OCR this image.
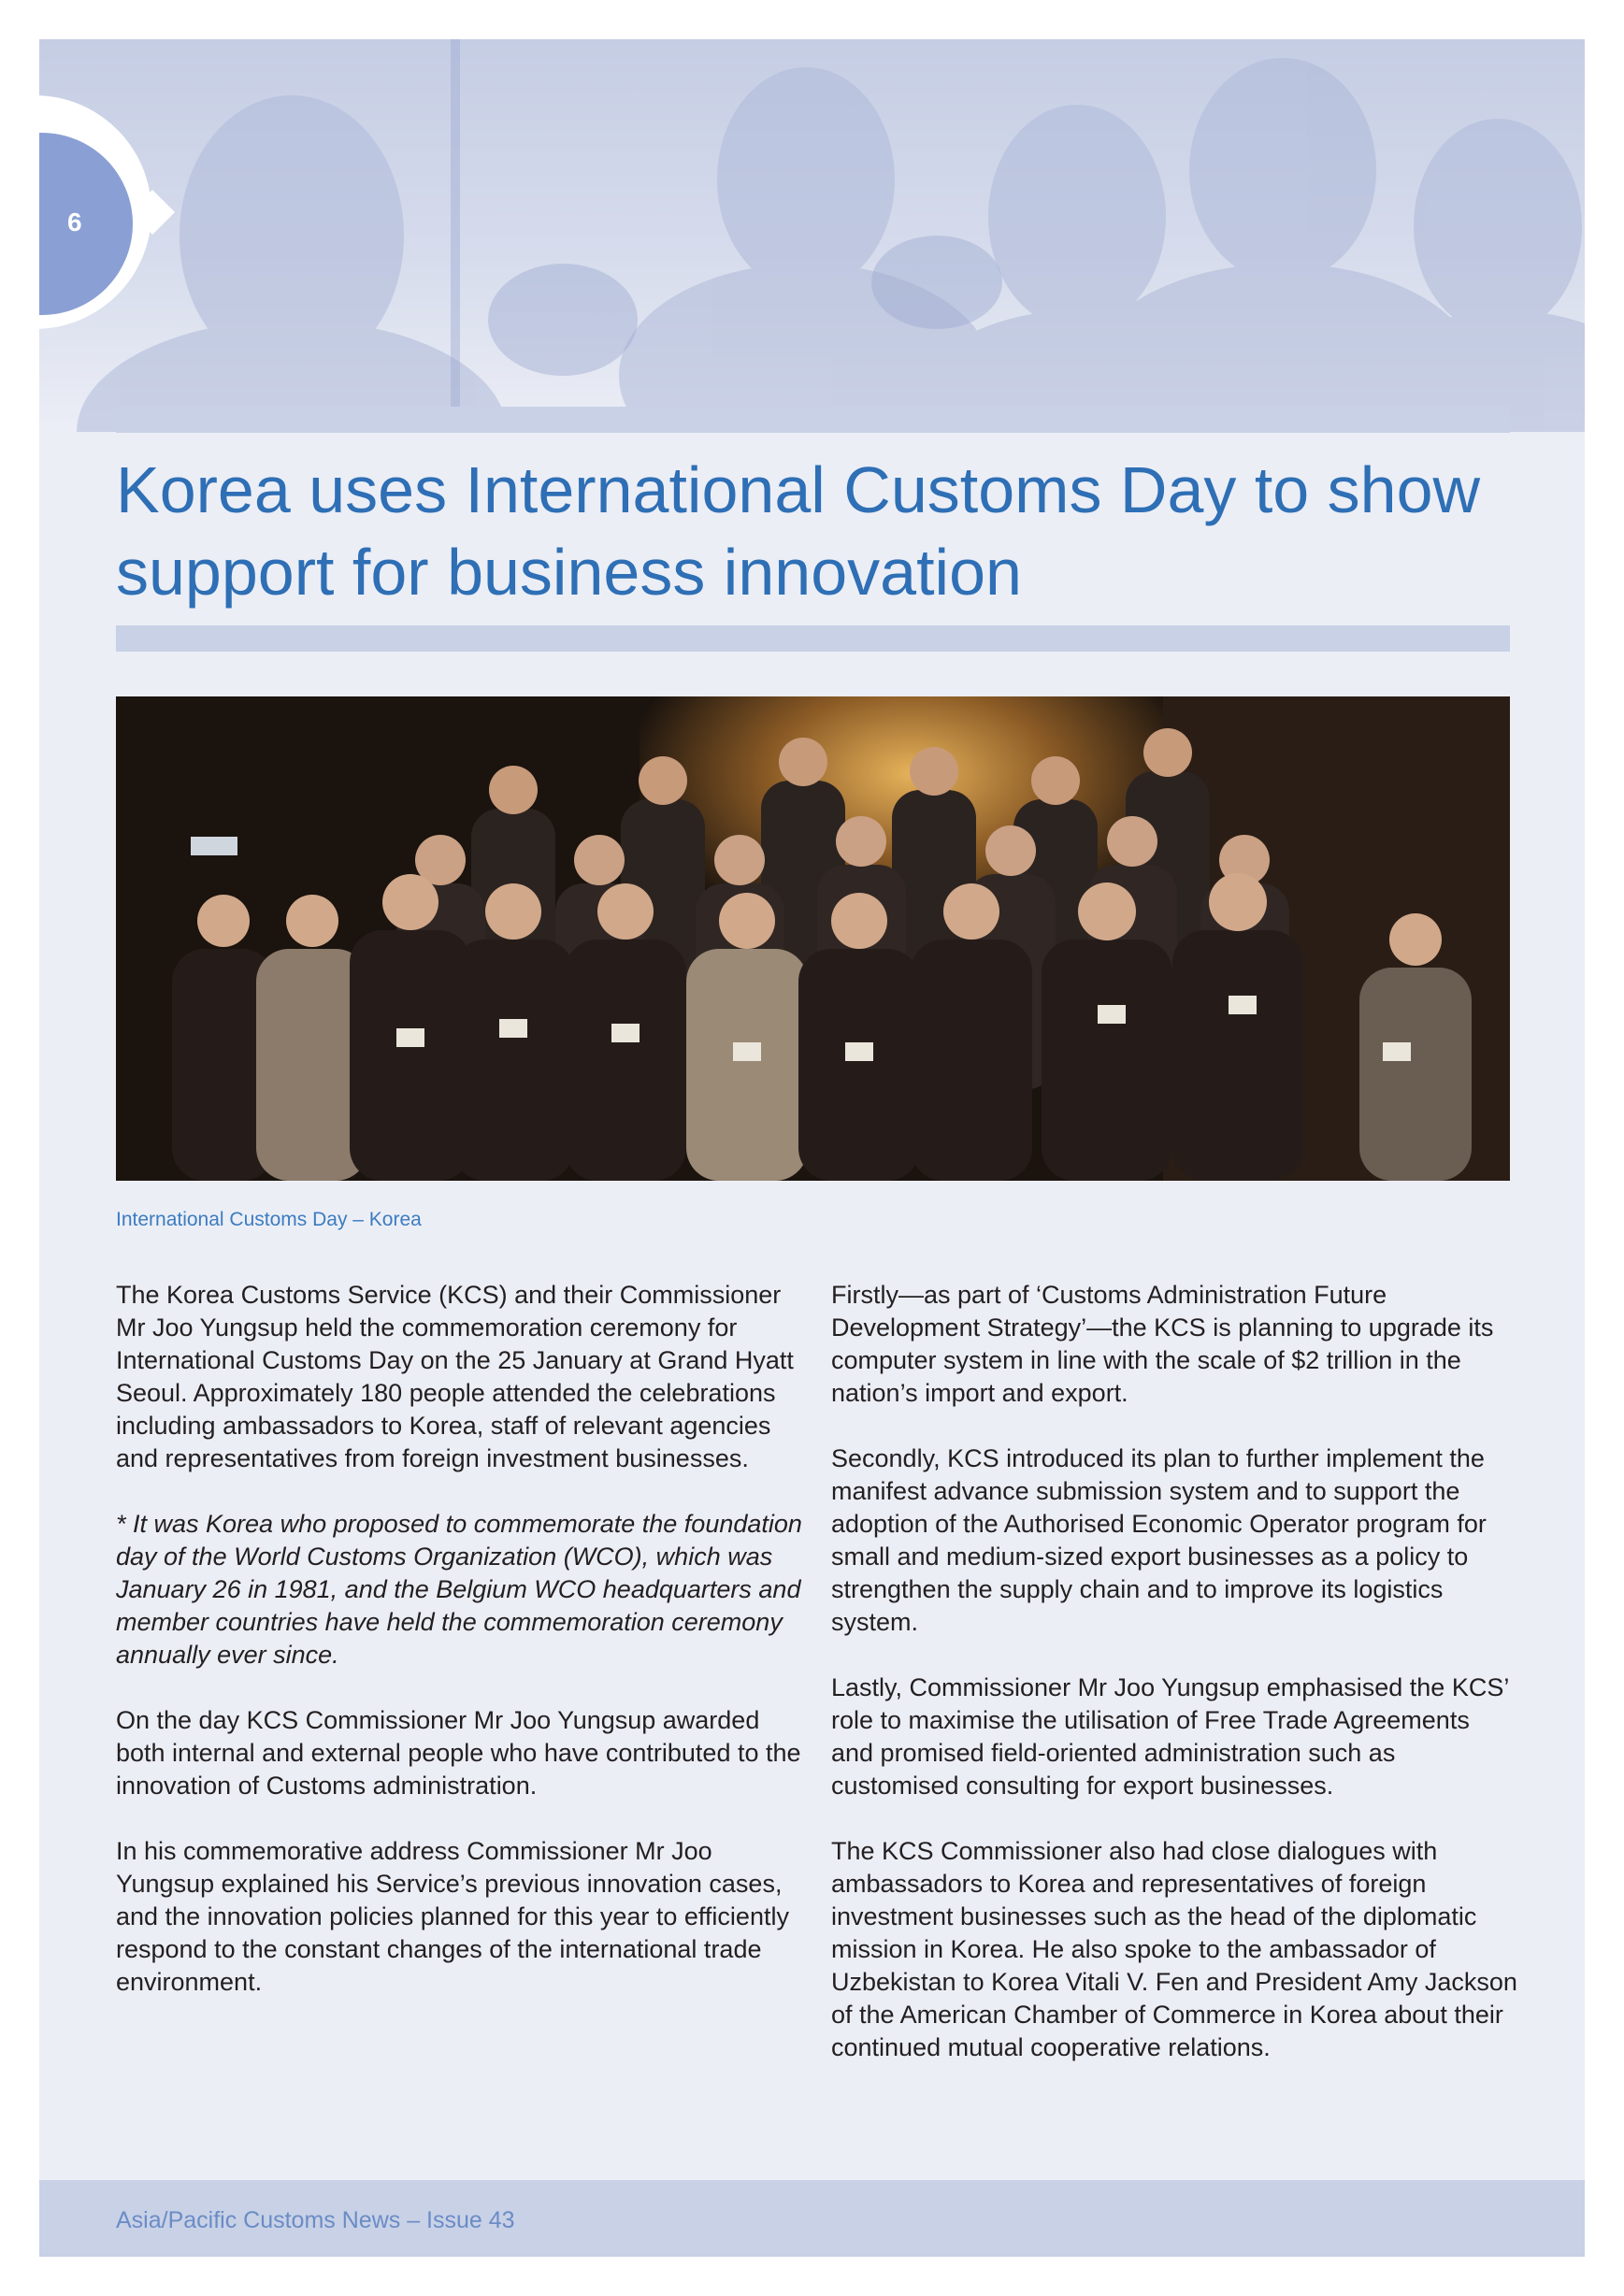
6
Korea uses International Customs Day to show support for business innovation
International Customs Day – Korea

The Korea Customs Service (KCS) and their Commissioner Mr Joo Yungsup held the commemoration ceremony for International Customs Day on the 25 January at Grand Hyatt Seoul. Approximately 180 people attended the celebrations including ambassadors to Korea, staff of relevant agencies and representatives from foreign investment businesses.

* It was Korea who proposed to commemorate the foundation day of the World Customs Organization (WCO), which was January 26 in 1981, and the Belgium WCO headquarters and member countries have held the commemoration ceremony annually ever since.

On the day KCS Commissioner Mr Joo Yungsup awarded both internal and external people who have contributed to the innovation of Customs administration.

In his commemorative address Commissioner Mr Joo Yungsup explained his Service’s previous innovation cases, and the innovation policies planned for this year to efficiently respond to the constant changes of the international trade environment.

Firstly—as part of ‘Customs Administration Future Development Strategy’—the KCS is planning to upgrade its computer system in line with the scale of $2 trillion in the nation’s import and export.

Secondly, KCS introduced its plan to further implement the manifest advance submission system and to support the adoption of the Authorised Economic Operator program for small and medium-sized export businesses as a policy to strengthen the supply chain and to improve its logistics system.

Lastly, Commissioner Mr Joo Yungsup emphasised the KCS’ role to maximise the utilisation of Free Trade Agreements and promised field-oriented administration such as customised consulting for export businesses.

The KCS Commissioner also had close dialogues with ambassadors to Korea and representatives of foreign investment businesses such as the head of the diplomatic mission in Korea. He also spoke to the ambassador of Uzbekistan to Korea Vitali V. Fen and President Amy Jackson of the American Chamber of Commerce in Korea about their continued mutual cooperative relations.

Asia/Pacific Customs News – Issue 43
